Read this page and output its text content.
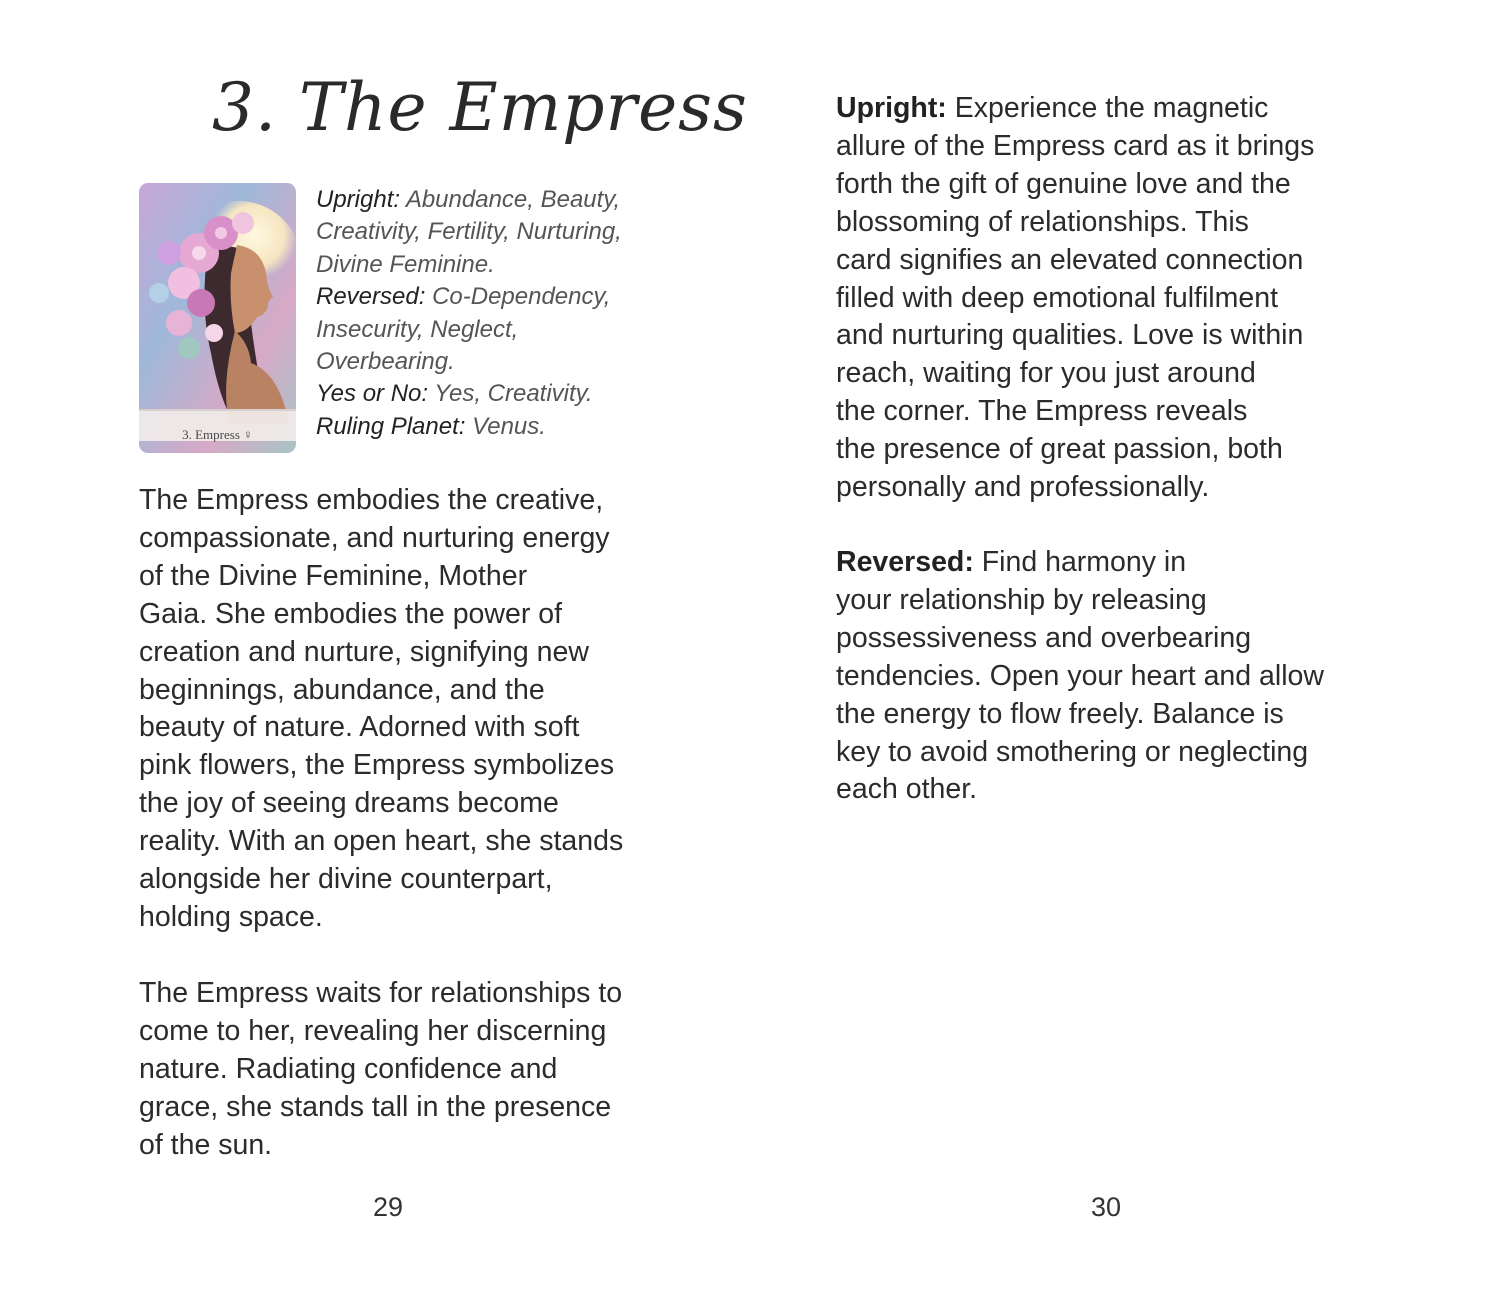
3. The Empress
3. Empress ♀
Upright: Abundance, Beauty,
Creativity, Fertility, Nurturing,
Divine Feminine.
Reversed: Co-Dependency,
Insecurity, Neglect,
Overbearing.
Yes or No: Yes, Creativity.
Ruling Planet: Venus.
The Empress embodies the creative,
compassionate, and nurturing energy
of the Divine Feminine, Mother
Gaia. She embodies the power of
creation and nurture, signifying new
beginnings, abundance, and the
beauty of nature. Adorned with soft
pink flowers, the Empress symbolizes
the joy of seeing dreams become
reality. With an open heart, she stands
alongside her divine counterpart,
holding space.
The Empress waits for relationships to
come to her, revealing her discerning
nature. Radiating confidence and
grace, she stands tall in the presence
of the sun.
29
Upright: Experience the magnetic
allure of the Empress card as it brings
forth the gift of genuine love and the
blossoming of relationships. This
card signifies an elevated connection
filled with deep emotional fulfilment
and nurturing qualities. Love is within
reach, waiting for you just around
the corner. The Empress reveals
the presence of great passion, both
personally and professionally.
Reversed: Find harmony in
your relationship by releasing
possessiveness and overbearing
tendencies. Open your heart and allow
the energy to flow freely. Balance is
key to avoid smothering or neglecting
each other.
30
